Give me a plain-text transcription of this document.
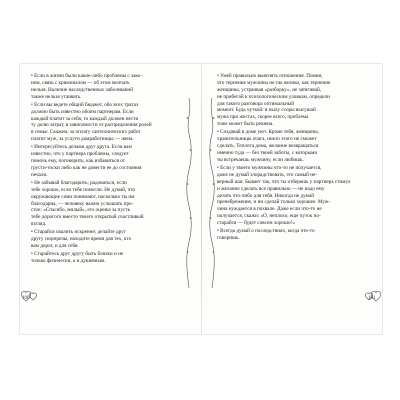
• Если в жизни были какие-либо проблемы с зако-
ном, связь с криминалом — об этом молчать
нельзя. Наличие наследственных заболеваний
также нельзя утаивать.
• Если вы ведете общий бюджет, обо всех тратах
должно быть известно обоим партнерам. Если
каждый платит за себя, то каждый должен нести
ту долю затрат, в зависимости от распределения ролей
в семье. Скажем, за оплату сантехнических работ
платит муж, за услуги домработницы — жена.
• Интересуйтесь делами друг друга. Если вам
известно, что у партнера проблемы, следует
помочь ему, поговорить, как избавиться от
грусти-тоски либо как не довести ее до состояния
печали.
• Не забывай благодарить, радоваться, если
тебе хорошо, если тебе помогли. Не думай, что
окружающие сами понимают, насколько ты им
благодарна, — человеку важно услышать про-
стое: «Спасибо, милый», его оценка за пусть
тебе дорогого вместо твоего открытый счастливый
взгляд.
• Старайся хвалить искренне; делайте друг
другу сюрпризы, находите время для тех, кто
вам дорог, и для себя.
• Старайтесь друг другу быть близки и не
только физически, а и душевным.
• Умей правильно выяснять отношения. Помни,
что терпение мужчины не так велико, как терпение
женщины, устраивая «разборку», не затягивай,
не прибегай к психологическим уловкам, определи
для такого разговора оптимальный
момент. Будь чуткой: в пылу ссоры высушай
мужа при жестах, скорее всего, проблема
тоже может быть решена.
• Создавай в доме уют. Кроме тебя, женщины,
хранительницы очага, никто этого не сможет
сделать. Теплота дома, желание возвращаться
именно туда — без твоей заботы, с которыми
ты встречаешь мужчину, если любишь.
• Если у твоего мужчины что-то не получается,
даже не думай злорадствовать, это самый не-
верный шаг. Бывает так, что ты отберешь у партнера стимул
и желание сделать все правильно — не надо ему
делать что-либо для тебя. Никогда не думай
пренебрежение, и ни сделай только хорошее. Муж-
чина нуждается в похвале. Даже если что-то не
получается, скажи: «О, неплохо, еще чуток по-
старайся — будет совсем хорошо!»
• Всегда думай о последствиях, когда что-то
говоришь.
100	101
